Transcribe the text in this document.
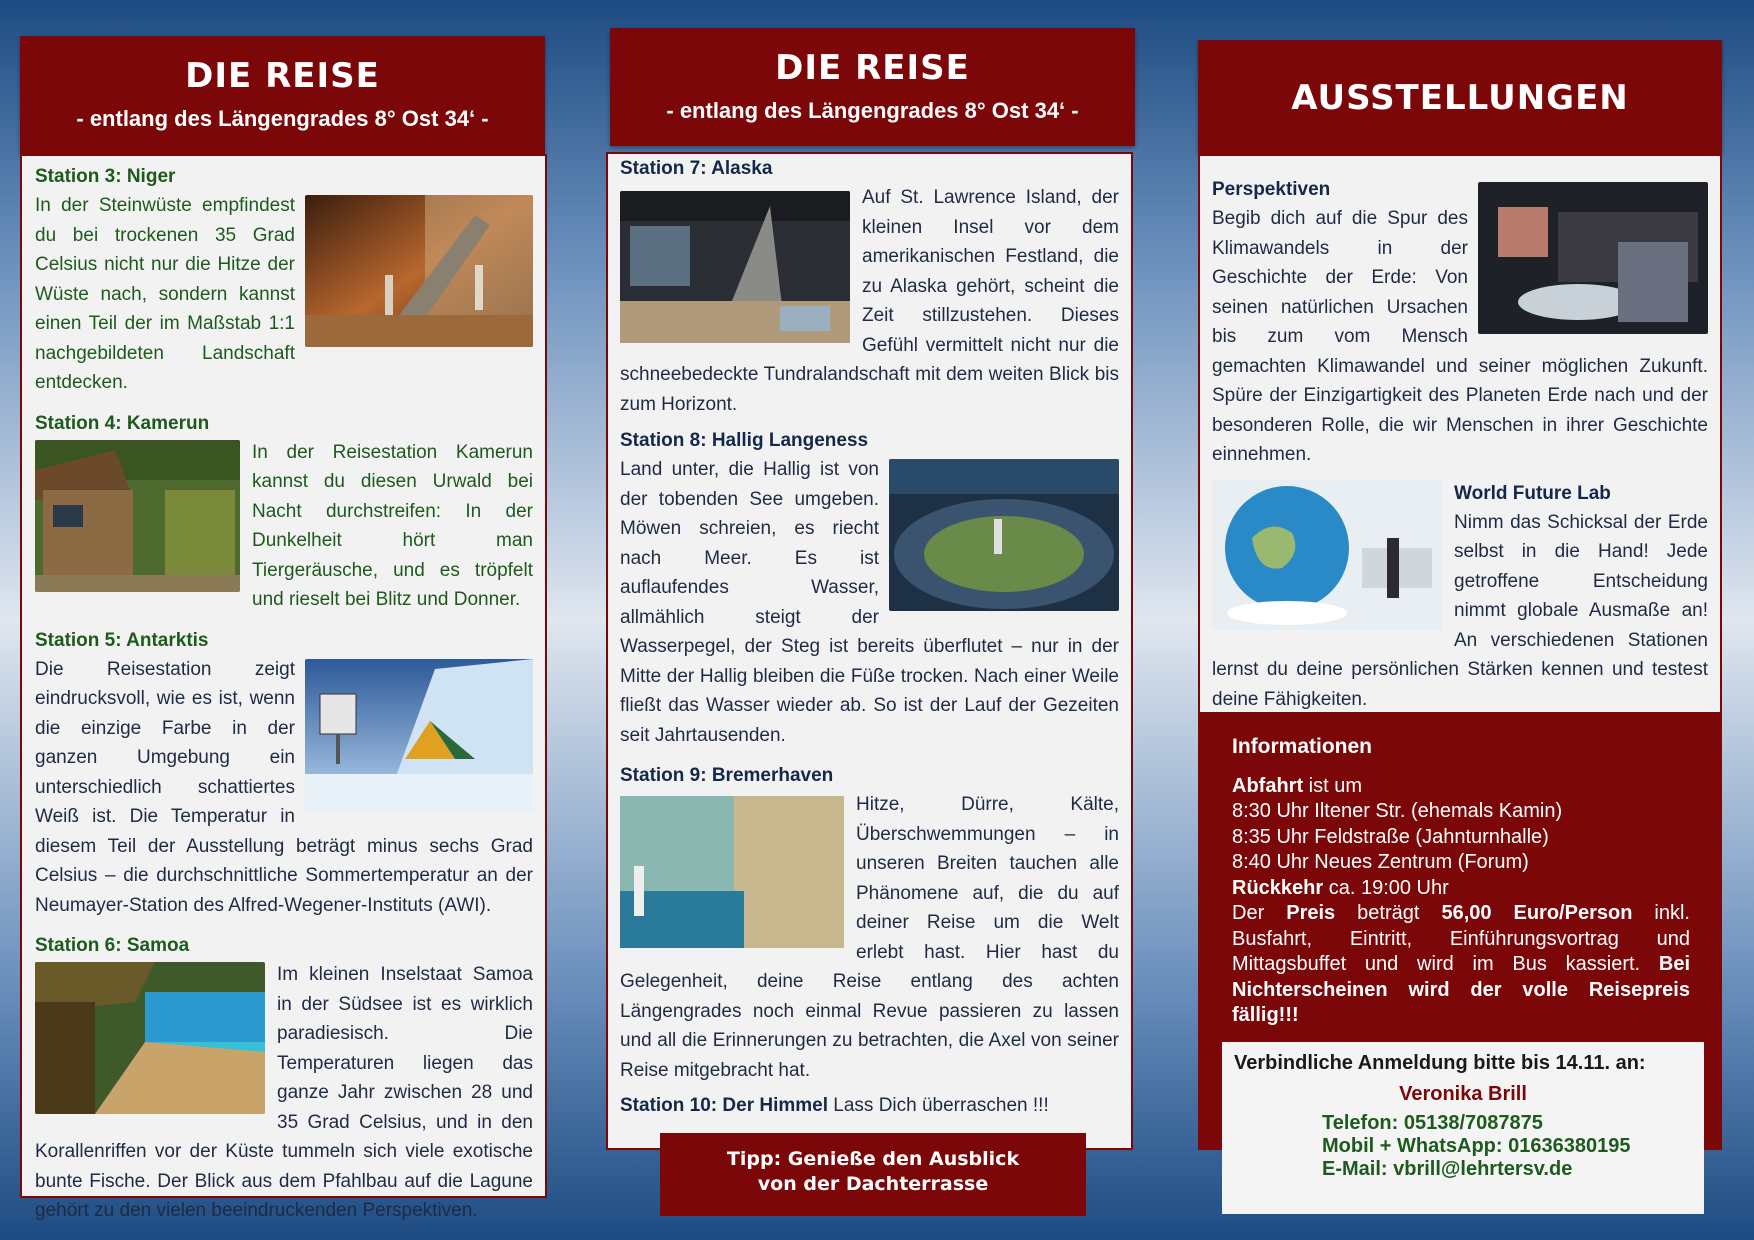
DIE REISE
- entlang des Längengrades 8° Ost 34‘ -
Station 3: Niger

In der Steinwüste empfindest du bei trockenen 35 Grad Celsius nicht nur die Hitze der Wüste nach, sondern kannst einen Teil der im Maßstab 1:1 nachgebildeten Landschaft entdecken.

Station 4: Kamerun

In der Reisestation Kamerun kannst du diesen Urwald bei Nacht durchstreifen: In der Dunkelheit hört man Tiergeräusche, und es tröpfelt und rieselt bei Blitz und Donner.

Station 5: Antarktis

Die Reisestation zeigt eindrucksvoll, wie es ist, wenn die einzige Farbe in der ganzen Umgebung ein unterschiedlich schattiertes Weiß ist. Die Temperatur in diesem Teil der Ausstellung beträgt minus sechs Grad Celsius – die durchschnittliche Sommertemperatur an der Neumayer-Station des Alfred-Wegener-Instituts (AWI).

Station 6: Samoa

Im kleinen Inselstaat Samoa in der Südsee ist es wirklich paradiesisch. Die Temperaturen liegen das ganze Jahr zwischen 28 und 35 Grad Celsius, und in den Korallenriffen vor der Küste tummeln sich viele exotische bunte Fische. Der Blick aus dem Pfahlbau auf die Lagune gehört zu den vielen beeindruckenden Perspektiven.

DIE REISE
- entlang des Längengrades 8° Ost 34‘ -
Station 7: Alaska

Auf St. Lawrence Island, der kleinen Insel vor dem amerikanischen Festland, die zu Alaska gehört, scheint die Zeit stillzustehen. Dieses Gefühl vermittelt nicht nur die schneebedeckte Tundralandschaft mit dem weiten Blick bis zum Horizont.

Station 8: Hallig Langeness

Land unter, die Hallig ist von der tobenden See umgeben. Möwen schreien, es riecht nach Meer. Es ist auflaufendes Wasser, allmählich steigt der Wasserpegel, der Steg ist bereits überflutet – nur in der Mitte der Hallig bleiben die Füße trocken. Nach einer Weile fließt das Wasser wieder ab. So ist der Lauf der Gezeiten seit Jahrtausenden.

Station 9: Bremerhaven

Hitze, Dürre, Kälte, Überschwemmungen – in unseren Breiten tauchen alle Phänomene auf, die du auf deiner Reise um die Welt erlebt hast. Hier hast du Gelegenheit, deine Reise entlang des achten Längengrades noch einmal Revue passieren zu lassen und all die Erinnerungen zu betrachten, die Axel von seiner Reise mitgebracht hat.

Station 10: Der Himmel Lass Dich überraschen !!!
Tipp: Genieße den Ausblick
von der Dachterrasse
AUSSTELLUNGEN
Perspektiven

Begib dich auf die Spur des Klimawandels in der Geschichte der Erde: Von seinen natürlichen Ursachen bis zum vom Mensch gemachten Klimawandel und seiner möglichen Zukunft. Spüre der Einzigartigkeit des Planeten Erde nach und der besonderen Rolle, die wir Menschen in ihrer Geschichte einnehmen.

World Future Lab

Nimm das Schicksal der Erde selbst in die Hand! Jede getroffene Entscheidung nimmt globale Ausmaße an! An verschiedenen Stationen lernst du deine persönlichen Stärken kennen und testest deine Fähigkeiten.

Informationen
Abfahrt ist um
8:30 Uhr Iltener Str. (ehemals Kamin)
8:35 Uhr Feldstraße (Jahnturnhalle)
8:40 Uhr Neues Zentrum (Forum)
Rückkehr ca. 19:00 Uhr
Der Preis beträgt 56,00 Euro/Person inkl. Busfahrt, Eintritt, Einführungsvortrag und Mittagsbuffet und wird im Bus kassiert. Bei Nichterscheinen wird der volle Reisepreis fällig!!!
Verbindliche Anmeldung bitte bis 14.11. an:
Veronika Brill
Telefon: 05138/7087875
Mobil + WhatsApp: 01636380195
E-Mail: vbrill@lehrtersv.de
